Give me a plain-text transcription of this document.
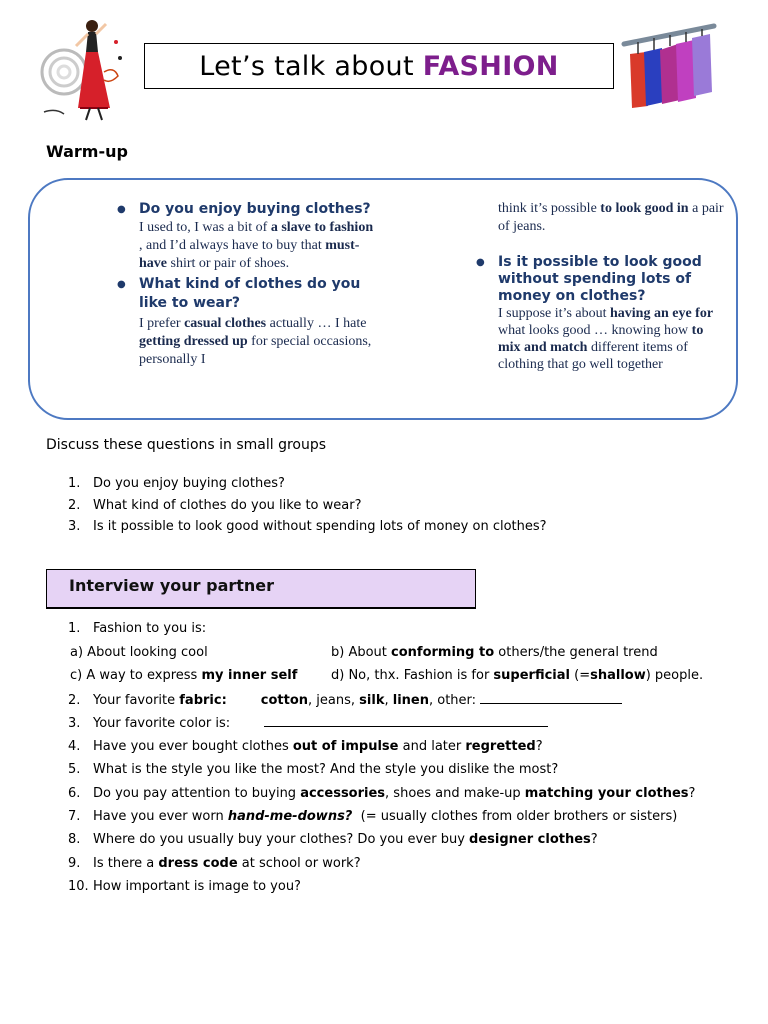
Let’s talk about FASHION
Warm-up
● Do you enjoy buying clothes?
I used to, I was a bit of a slave to fashion , and I’d always have to buy that must-have shirt or pair of shoes.
● What kind of clothes do you like to wear?
I prefer casual clothes actually … I hate getting dressed up for special occasions, personally I
think it’s possible to look good in a pair of jeans.
● Is it possible to look good without spending lots of money on clothes?
I suppose it’s about having an eye for what looks good … knowing how to mix and match different items of clothing that go well together
Discuss these questions in small groups
1. Do you enjoy buying clothes?
2. What kind of clothes do you like to wear?
3. Is it possible to look good without spending lots of money on clothes?
Interview your partner
1. Fashion to you is:
a) About looking cool	b) About conforming to others/the general trend
c) A way to express my inner self	d) No, thx. Fashion is for superficial (=shallow) people.
2. Your favorite fabric:	cotton, jeans, silk, linen, other:
3. Your favorite color is:
4. Have you ever bought clothes out of impulse and later regretted?
5. What is the style you like the most? And the style you dislike the most?
6. Do you pay attention to buying accessories, shoes and make-up matching your clothes?
7. Have you ever worn hand-me-downs?  (= usually clothes from older brothers or sisters)
8. Where do you usually buy your clothes? Do you ever buy designer clothes?
9. Is there a dress code at school or work?
10. How important is image to you?
